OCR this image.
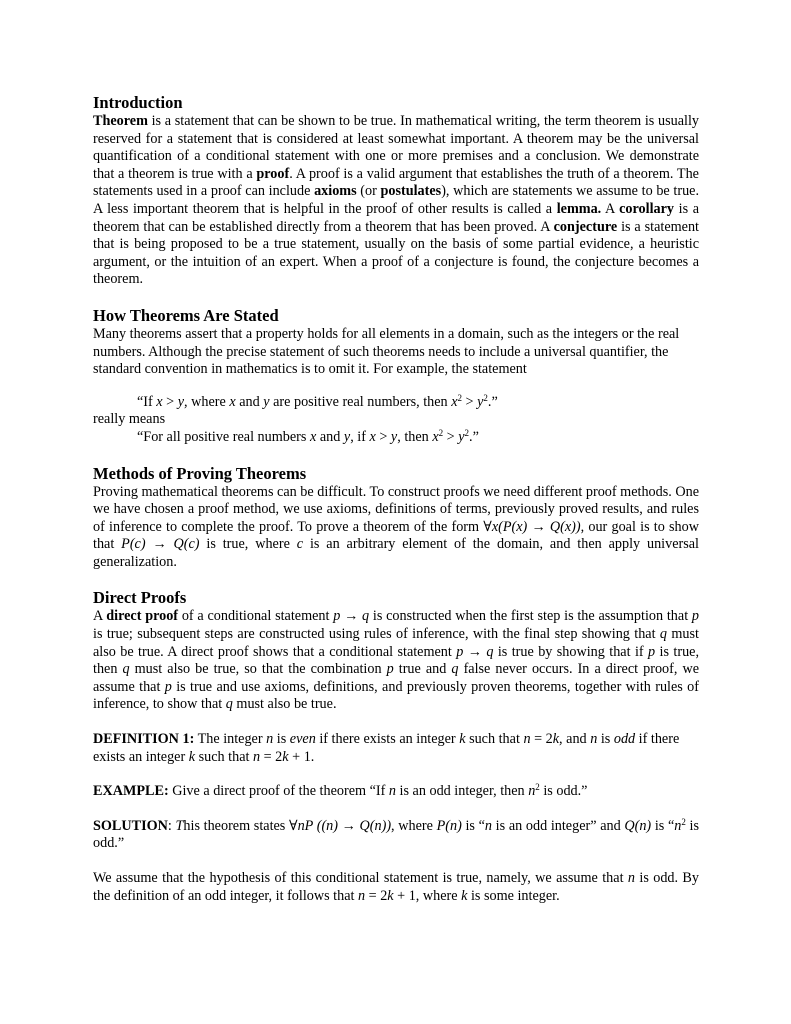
Introduction

Theorem is a statement that can be shown to be true. In mathematical writing, the term theorem is usually reserved for a statement that is considered at least somewhat important. A theorem may be the universal quantification of a conditional statement with one or more premises and a conclusion. We demonstrate that a theorem is true with a proof. A proof is a valid argument that establishes the truth of a theorem. The statements used in a proof can include axioms (or postulates), which are statements we assume to be true. A less important theorem that is helpful in the proof of other results is called a lemma. A corollary is a theorem that can be established directly from a theorem that has been proved. A conjecture is a statement that is being proposed to be a true statement, usually on the basis of some partial evidence, a heuristic argument, or the intuition of an expert. When a proof of a conjecture is found, the conjecture becomes a theorem.

How Theorems Are Stated

Many theorems assert that a property holds for all elements in a domain, such as the integers or the real numbers. Although the precise statement of such theorems needs to include a universal quantifier, the standard convention in mathematics is to omit it. For example, the statement

“If x > y, where x and y are positive real numbers, then $x^2 > y^2$.”

really means

“For all positive real numbers x and y, if x > y, then $x^2 > y^2$.”

Methods of Proving Theorems

Proving mathematical theorems can be difficult. To construct proofs we need different proof methods. One we have chosen a proof method, we use axioms, definitions of terms, previously proved results, and rules of inference to complete the proof. To prove a theorem of the form ∀x(P(x) → Q(x)), our goal is to show that P(c) → Q(c) is true, where c is an arbitrary element of the domain, and then apply universal generalization.

Direct Proofs

A direct proof of a conditional statement p → q is constructed when the first step is the assumption that p is true; subsequent steps are constructed using rules of inference, with the final step showing that q must also be true. A direct proof shows that a conditional statement p → q is true by showing that if p is true, then q must also be true, so that the combination p true and q false never occurs. In a direct proof, we assume that p is true and use axioms, definitions, and previously proven theorems, together with rules of inference, to show that q must also be true.

DEFINITION 1: The integer n is even if there exists an integer k such that n = 2k, and n is odd if there exists an integer k such that n = 2k + 1.

EXAMPLE: Give a direct proof of the theorem “If n is an odd integer, then $n^2$ is odd.”

SOLUTION: This theorem states ∀nP ((n) → Q(n)), where P(n) is “n is an odd integer” and Q(n) is “$n^2$ is odd.”

We assume that the hypothesis of this conditional statement is true, namely, we assume that n is odd. By the definition of an odd integer, it follows that n = 2k + 1, where k is some integer.
